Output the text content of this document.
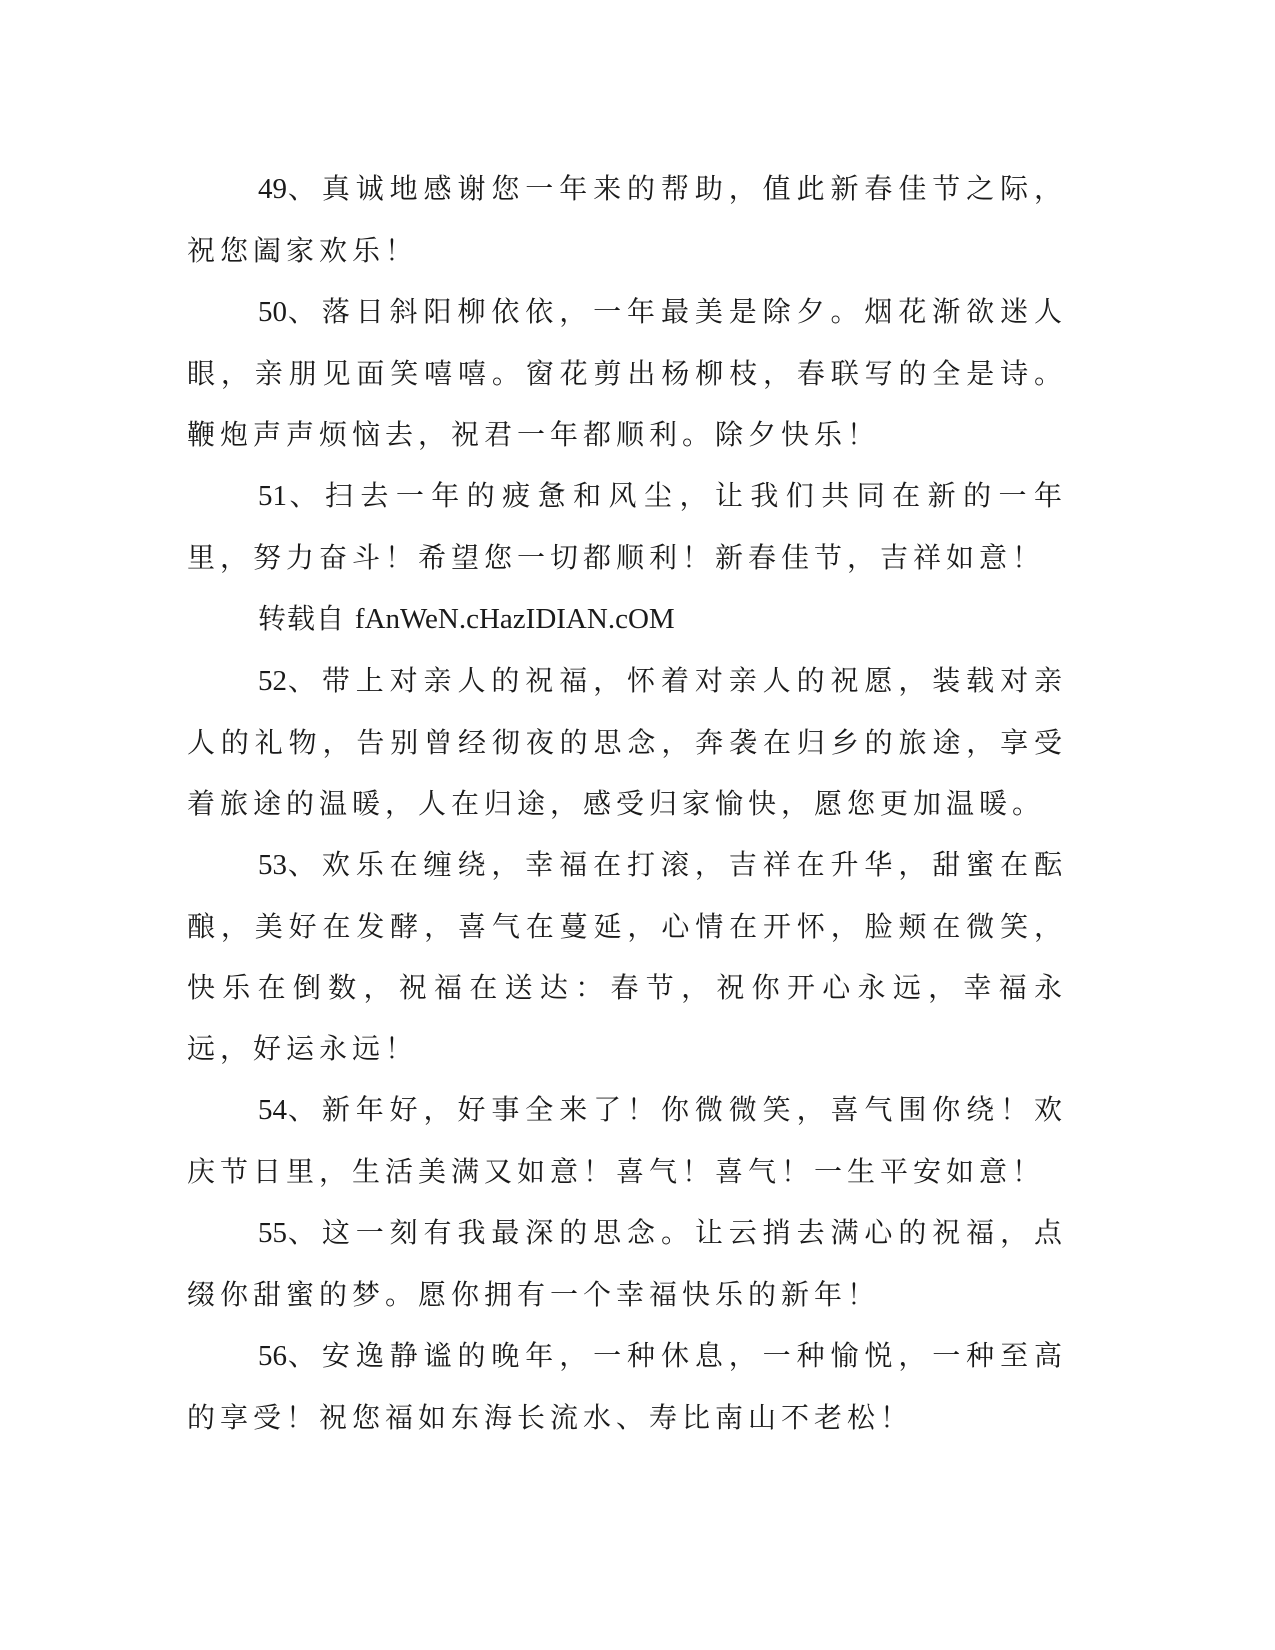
49、真诚地感谢您一年来的帮助，值此新春佳节之际，祝您阖家欢乐！

50、落日斜阳柳依依，一年最美是除夕。烟花渐欲迷人眼，亲朋见面笑嘻嘻。窗花剪出杨柳枝，春联写的全是诗。鞭炮声声烦恼去，祝君一年都顺利。除夕快乐！

51、扫去一年的疲惫和风尘，让我们共同在新的一年里，努力奋斗！希望您一切都顺利！新春佳节，吉祥如意！

转载自 fAnWeN.cHazIDIAN.cOM

52、带上对亲人的祝福，怀着对亲人的祝愿，装载对亲人的礼物，告别曾经彻夜的思念，奔袭在归乡的旅途，享受着旅途的温暖，人在归途，感受归家愉快，愿您更加温暖。

53、欢乐在缠绕，幸福在打滚，吉祥在升华，甜蜜在酝酿，美好在发酵，喜气在蔓延，心情在开怀，脸颊在微笑，快乐在倒数，祝福在送达：春节，祝你开心永远，幸福永远，好运永远！

54、新年好，好事全来了！你微微笑，喜气围你绕！欢庆节日里，生活美满又如意！喜气！喜气！一生平安如意！

55、这一刻有我最深的思念。让云捎去满心的祝福，点缀你甜蜜的梦。愿你拥有一个幸福快乐的新年！

56、安逸静谧的晚年，一种休息，一种愉悦，一种至高的享受！祝您福如东海长流水、寿比南山不老松！
